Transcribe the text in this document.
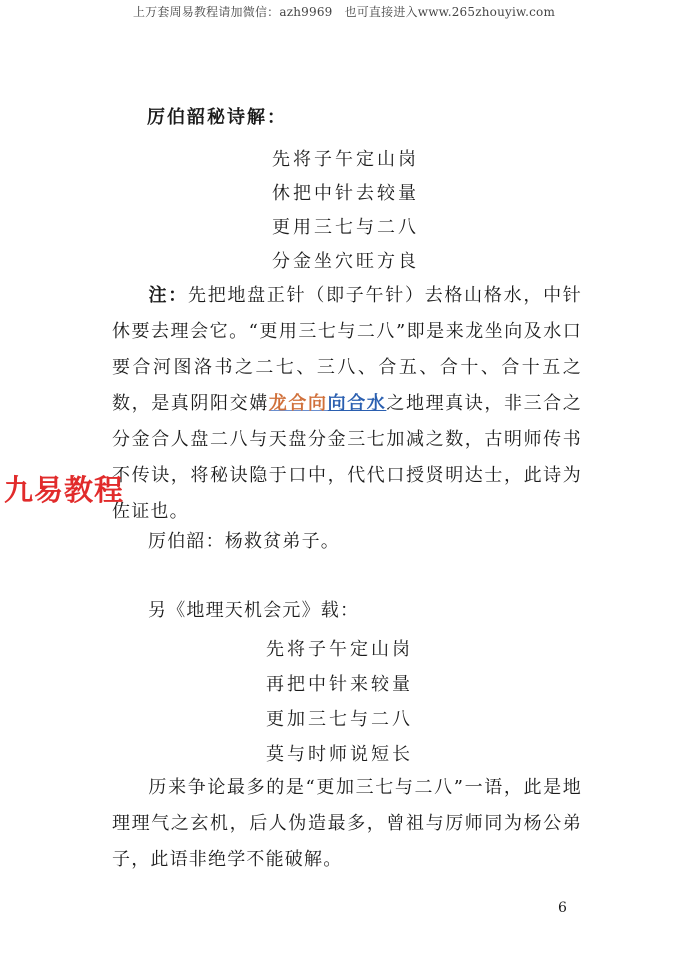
上万套周易教程请加微信：azh9969 也可直接进入www.265zhouyiw.com
厉伯韶秘诗解：
先将子午定山岗
休把中针去较量
更用三七与二八
分金坐穴旺方良
注：先把地盘正针（即子午针）去格山格水，中针休要去理会它。“更用三七与二八”即是来龙坐向及水口要合河图洛书之二七、三八、合五、合十、合十五之数，是真阴阳交媾龙合向向合水之地理真诀，非三合之分金合人盘二八与天盘分金三七加减之数，古明师传书不传诀，将秘诀隐于口中，代代口授贤明达士，此诗为佐证也。
厉伯韶：杨救贫弟子。
另《地理天机会元》载：
先将子午定山岗
再把中针来较量
更加三七与二八
莫与时师说短长
历来争论最多的是“更加三七与二八”一语，此是地理理气之玄机，后人伪造最多，曾祖与厉师同为杨公弟子，此语非绝学不能破解。
九易教程
6
